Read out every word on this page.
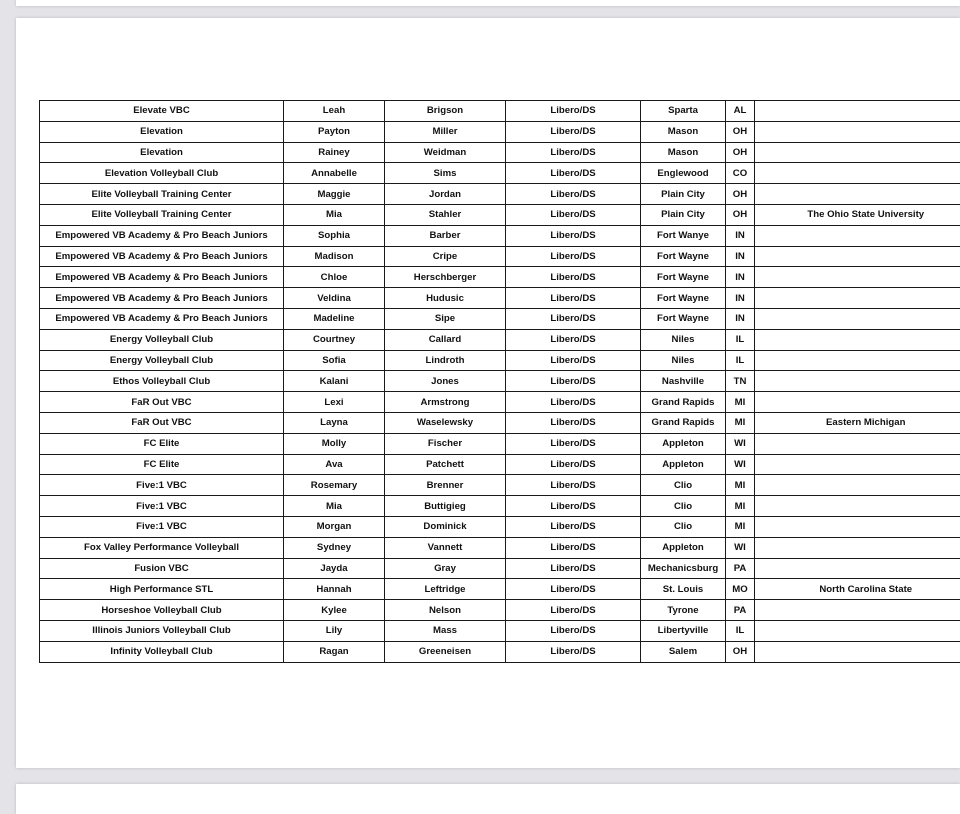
Elevate VBC	Leah	Brigson	Libero/DS	Sparta	AL	
Elevation	Payton	Miller	Libero/DS	Mason	OH	
Elevation	Rainey	Weidman	Libero/DS	Mason	OH	
Elevation Volleyball Club	Annabelle	Sims	Libero/DS	Englewood	CO	
Elite Volleyball Training Center	Maggie	Jordan	Libero/DS	Plain City	OH	
Elite Volleyball Training Center	Mia	Stahler	Libero/DS	Plain City	OH	The Ohio State University
Empowered VB Academy & Pro Beach Juniors	Sophia	Barber	Libero/DS	Fort Wanye	IN	
Empowered VB Academy & Pro Beach Juniors	Madison	Cripe	Libero/DS	Fort Wayne	IN	
Empowered VB Academy & Pro Beach Juniors	Chloe	Herschberger	Libero/DS	Fort Wayne	IN	
Empowered VB Academy & Pro Beach Juniors	Veldina	Hudusic	Libero/DS	Fort Wayne	IN	
Empowered VB Academy & Pro Beach Juniors	Madeline	Sipe	Libero/DS	Fort Wayne	IN	
Energy Volleyball Club	Courtney	Callard	Libero/DS	Niles	IL	
Energy Volleyball Club	Sofia	Lindroth	Libero/DS	Niles	IL	
Ethos Volleyball Club	Kalani	Jones	Libero/DS	Nashville	TN	
FaR Out VBC	Lexi	Armstrong	Libero/DS	Grand Rapids	MI	
FaR Out VBC	Layna	Waselewsky	Libero/DS	Grand Rapids	MI	Eastern Michigan
FC Elite	Molly	Fischer	Libero/DS	Appleton	WI	
FC Elite	Ava	Patchett	Libero/DS	Appleton	WI	
Five:1 VBC	Rosemary	Brenner	Libero/DS	Clio	MI	
Five:1 VBC	Mia	Buttigieg	Libero/DS	Clio	MI	
Five:1 VBC	Morgan	Dominick	Libero/DS	Clio	MI	
Fox Valley Performance Volleyball	Sydney	Vannett	Libero/DS	Appleton	WI	
Fusion VBC	Jayda	Gray	Libero/DS	Mechanicsburg	PA	
High Performance STL	Hannah	Leftridge	Libero/DS	St. Louis	MO	North Carolina State
Horseshoe Volleyball Club	Kylee	Nelson	Libero/DS	Tyrone	PA	
Illinois Juniors Volleyball Club	Lily	Mass	Libero/DS	Libertyville	IL	
Infinity Volleyball Club	Ragan	Greeneisen	Libero/DS	Salem	OH	
